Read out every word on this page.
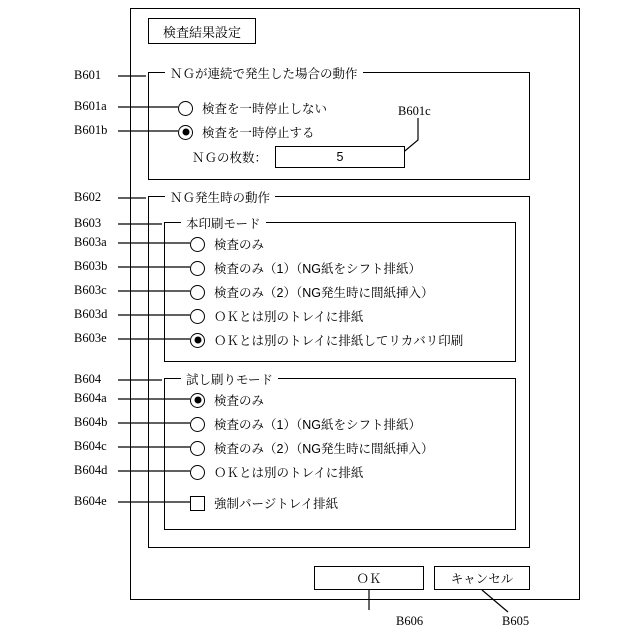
検査結果設定
ＮＧが連続で発生した場合の動作
検査を一時停止しない
検査を一時停止する
ＮＧの枚数：	5
ＮＧ発生時の動作
本印刷モード
検査のみ
検査のみ（1）（NG紙をシフト排紙）
検査のみ（2）（NG発生時に間紙挿入）
ＯＫとは別のトレイに排紙
ＯＫとは別のトレイに排紙してリカバリ印刷
試し刷りモード
検査のみ
検査のみ（1）（NG紙をシフト排紙）
検査のみ（2）（NG発生時に間紙挿入）
ＯＫとは別のトレイに排紙
強制パージトレイ排紙
ＯＫ	キャンセル
B601
B601a
B601b
B601c
B602
B603
B603a
B603b
B603c
B603d
B603e
B604
B604a
B604b
B604c
B604d
B604e
B606	B605
